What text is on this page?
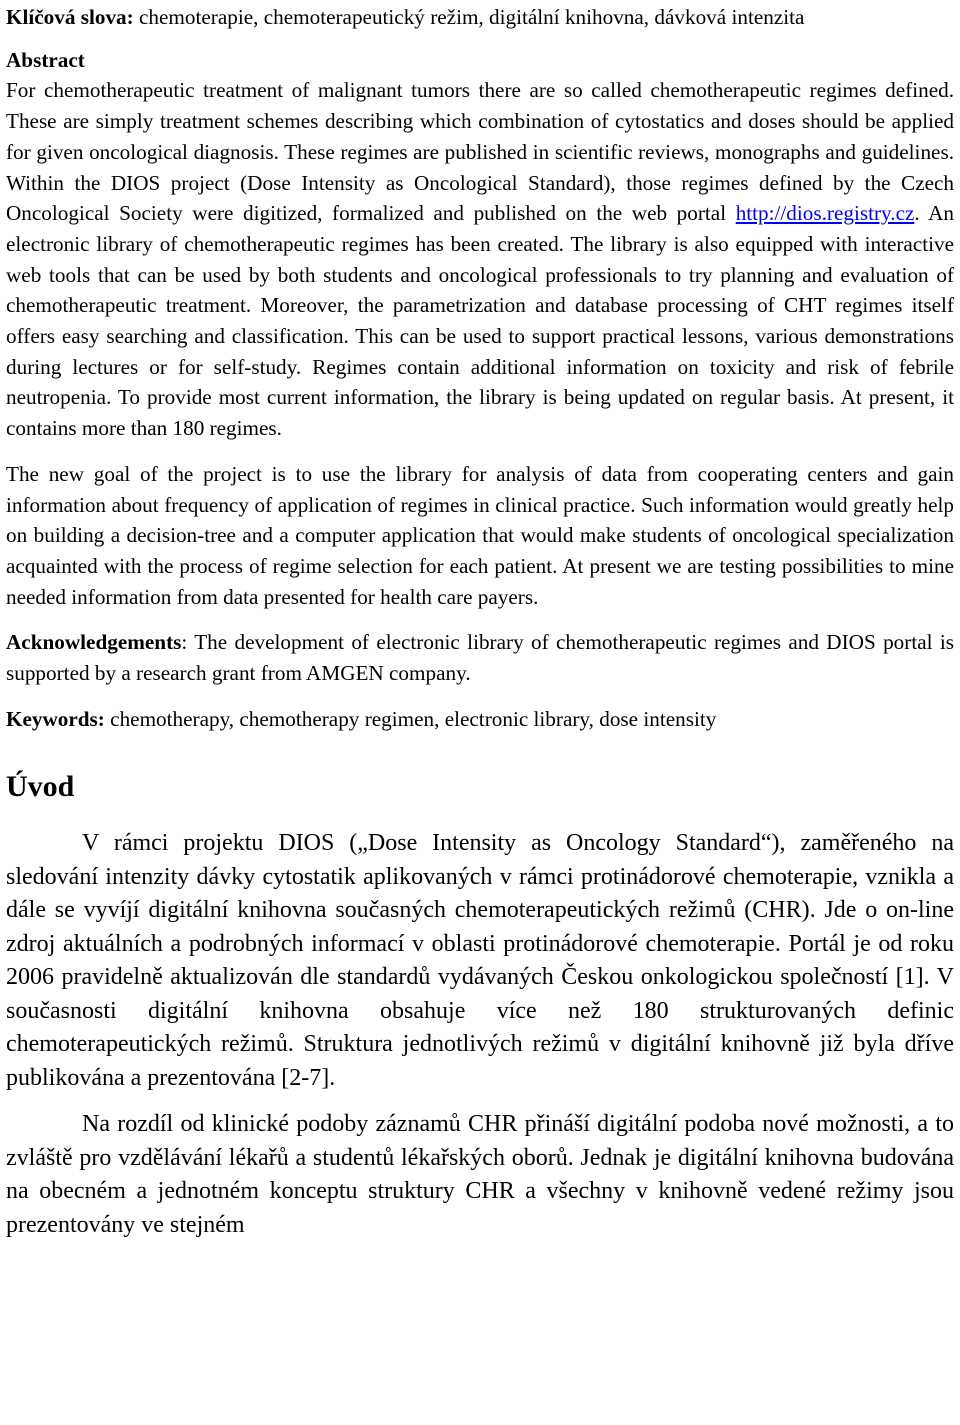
Klíčová slova: chemoterapie, chemoterapeutický režim, digitální knihovna, dávková intenzita

Abstract

For chemotherapeutic treatment of malignant tumors there are so called chemotherapeutic regimes defined. These are simply treatment schemes describing which combination of cytostatics and doses should be applied for given oncological diagnosis. These regimes are published in scientific reviews, monographs and guidelines. Within the DIOS project (Dose Intensity as Oncological Standard), those regimes defined by the Czech Oncological Society were digitized, formalized and published on the web portal http://dios.registry.cz. An electronic library of chemotherapeutic regimes has been created. The library is also equipped with interactive web tools that can be used by both students and oncological professionals to try planning and evaluation of chemotherapeutic treatment. Moreover, the parametrization and database processing of CHT regimes itself offers easy searching and classification. This can be used to support practical lessons, various demonstrations during lectures or for self-study. Regimes contain additional information on toxicity and risk of febrile neutropenia. To provide most current information, the library is being updated on regular basis. At present, it contains more than 180 regimes.

The new goal of the project is to use the library for analysis of data from cooperating centers and gain information about frequency of application of regimes in clinical practice. Such information would greatly help on building a decision-tree and a computer application that would make students of oncological specialization acquainted with the process of regime selection for each patient. At present we are testing possibilities to mine needed information from data presented for health care payers.

Acknowledgements: The development of electronic library of chemotherapeutic regimes and DIOS portal is supported by a research grant from AMGEN company.

Keywords: chemotherapy, chemotherapy regimen, electronic library, dose intensity

Úvod

V rámci projektu DIOS („Dose Intensity as Oncology Standard“), zaměřeného na sledování intenzity dávky cytostatik aplikovaných v rámci protinádorové chemoterapie, vznikla a dále se vyvíjí digitální knihovna současných chemoterapeutických režimů (CHR). Jde o on-line zdroj aktuálních a podrobných informací v oblasti protinádorové chemoterapie. Portál je od roku 2006 pravidelně aktualizován dle standardů vydávaných Českou onkologickou společností [1]. V současnosti digitální knihovna obsahuje více než 180 strukturovaných definic chemoterapeutických režimů. Struktura jednotlivých režimů v digitální knihovně již byla dříve publikována a prezentována [2-7].

Na rozdíl od klinické podoby záznamů CHR přináší digitální podoba nové možnosti, a to zvláště pro vzdělávání lékařů a studentů lékařských oborů. Jednak je digitální knihovna budována na obecném a jednotném konceptu struktury CHR a všechny v knihovně vedené režimy jsou prezentovány ve stejném
